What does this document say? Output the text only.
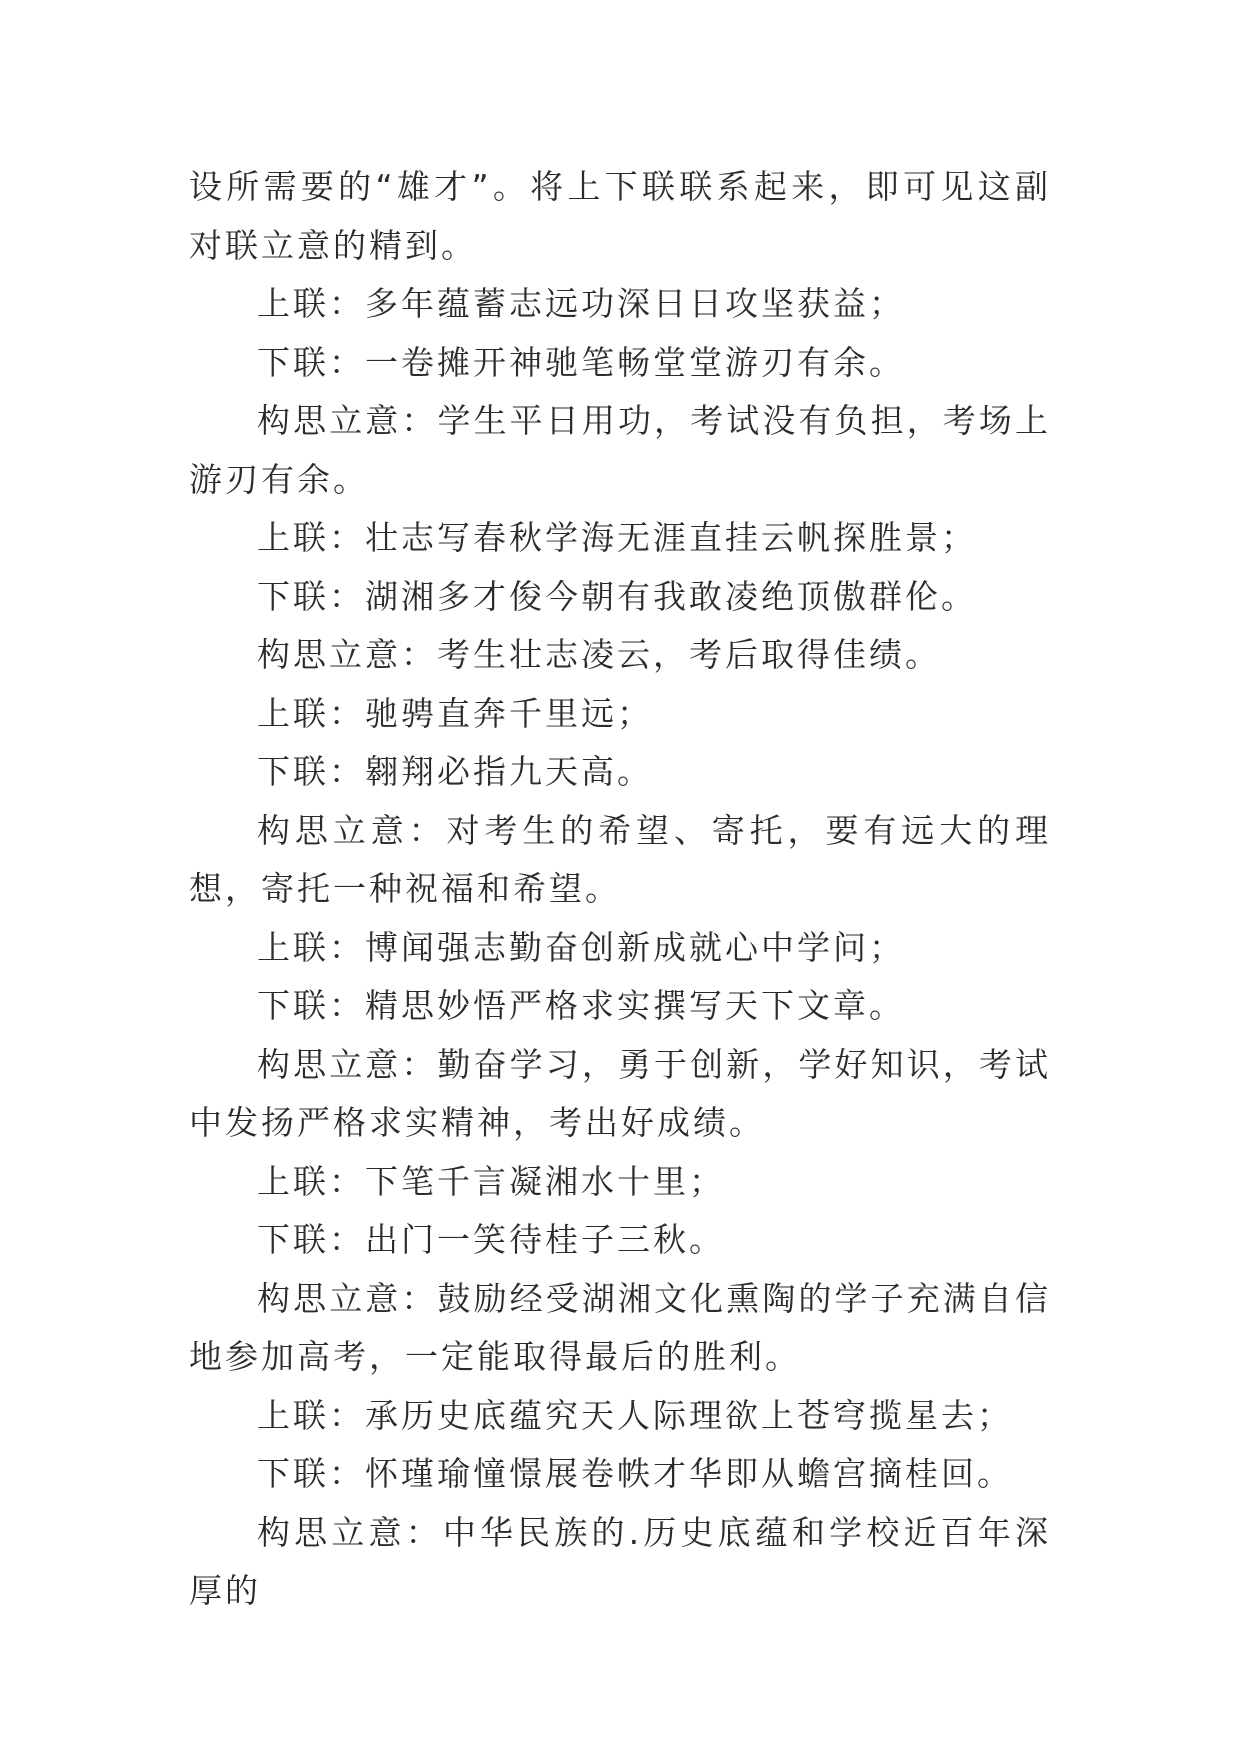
设所需要的“雄才”。将上下联联系起来，即可见这副对联立意的精到。

上联：多年蕴蓄志远功深日日攻坚获益；

下联：一卷摊开神驰笔畅堂堂游刃有余。

构思立意：学生平日用功，考试没有负担，考场上游刃有余。

上联：壮志写春秋学海无涯直挂云帆探胜景；

下联：湖湘多才俊今朝有我敢凌绝顶傲群伦。

构思立意：考生壮志凌云，考后取得佳绩。

上联：驰骋直奔千里远；

下联：翱翔必指九天高。

构思立意：对考生的希望、寄托，要有远大的理想，寄托一种祝福和希望。

上联：博闻强志勤奋创新成就心中学问；

下联：精思妙悟严格求实撰写天下文章。

构思立意：勤奋学习，勇于创新，学好知识，考试中发扬严格求实精神，考出好成绩。

上联：下笔千言凝湘水十里；

下联：出门一笑待桂子三秋。

构思立意：鼓励经受湖湘文化熏陶的学子充满自信地参加高考，一定能取得最后的胜利。

上联：承历史底蕴究天人际理欲上苍穹揽星去；

下联：怀瑾瑜憧憬展卷帙才华即从蟾宫摘桂回。

构思立意：中华民族的.历史底蕴和学校近百年深厚的
